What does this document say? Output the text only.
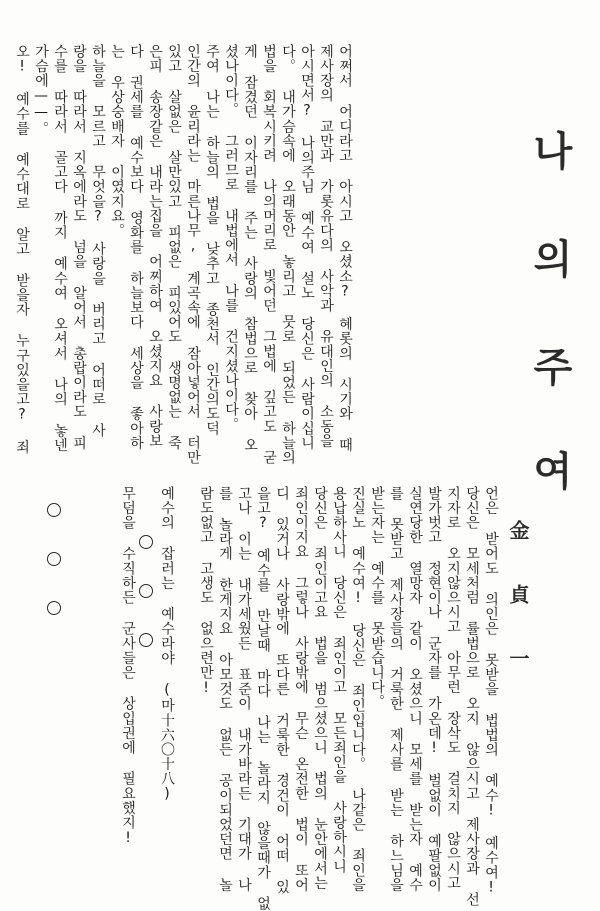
나
의
주
여
金 貞 一
어쩌서 어디라고 아시고 오셨소? 혜롯의 시기와 때
제사장의 교만과 가롯유다의 사악과 유대인의 소동을
아시면서? 나의주님 예수여 설노 당신은 사람이십니
다。 내가슴속에 오래동안 놓리고 뭇로 되었든 하늘의
법을 회복시키려 나의머리로 빛어던 그법에 깊고도 굳
게 잠겼던 이자리를 주는 사랑의 참법으로 찾아 오
셨나이다。 그러므로 내법에서 나를 건지셨나이다。
주여 나는 하늘의 법을 낮추고 종천서 인간의도덕
인간의 윤리라는 마른나무, 계곡속에 잠아넣어서 터만
있고 살없은 살만있고 피없은 피있어도 생명없는 죽
은피 송장같은 내라는집을 어찌하여 오셨지요 사랑보
다 권세를 예수보다 영화를 하늘보다 세상을 좋아하
는 우상숭배자 이였지요。
하늘을 모르고 무엇을? 사랑을 버리고 어떠로 사
랑을 따라서 지옥에라도 넘을 알어서 총랍이라도 피
수를 따라서 골고다 까지 예수여 오셔서 나의 놓넨
가슴에——。
오! 예수를 예수대로 알고 받을자 누구있을고? 죄
언은 받어도 의인은 못받을 법법의 예수! 예수여!
당신은 모세처럼 률법으로 오지 않으시고 제사장과 선
지자로 오지않으시고 아무런 장삭도 걸치지 않으시고
발가벗고 정현이나 군자를 가온데! 벌없이 예팔없이
실연당한 열망자 같이 오셨으니 모세를 받는자 예수
를 못받고 제사장들의 거룩한 제사를 받는 하느님을
받는자는 예수를 못받습니다。
진실노 예수여! 당신은 죄인입니다。 나같은 죄인을
용납하사니 당신은 죄인이고 모든죄인을 사랑하시니
당신은 죄인이고요 법을 범으셨으니 법의 눈안에서는
죄인이지요 그렇나 사랑밖에 무슨 온전한 법이 또어
디 있거나 사랑밖에 또다른 거룩한 경건이 어떠 있
을고? 예수를 만날때 마다 나는 놀라지 않을때가 없
고나 이는 내가세웠든 표준이 내가바라든 기대가 나
를 놀라게 한게지요 아모것도 없든 공이되었던면 놀
람도없고 고생도 없으련만!
예수의 잡러는 예수라야 (마十六〇十八)
무덤을 수직하든 군사들은 상입권에 필요했지!
